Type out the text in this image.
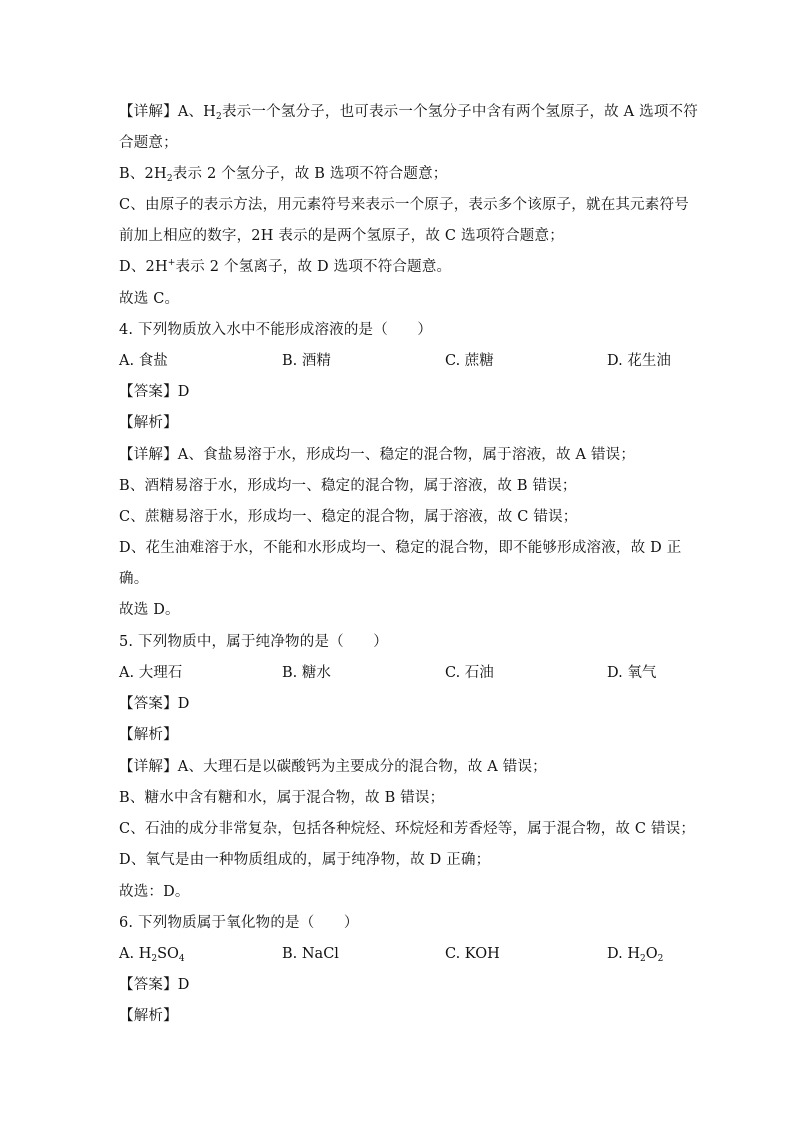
【详解】A、$H_2$表示一个氢分子，也可表示一个氢分子中含有两个氢原子，故 A 选项不符
合题意；
B、$2H_2$表示 2 个氢分子，故 B 选项不符合题意；
C、由原子的表示方法，用元素符号来表示一个原子，表示多个该原子，就在其元素符号
前加上相应的数字，2H 表示的是两个氢原子，故 C 选项符合题意；
D、2H+表示 2 个氢离子，故 D 选项不符合题意。
故选 C。
4. 下列物质放入水中不能形成溶液的是（　　）
A. 食盐	B. 酒精	C. 蔗糖	D. 花生油
【答案】D
【解析】
【详解】A、食盐易溶于水，形成均一、稳定的混合物，属于溶液，故 A 错误；
B、酒精易溶于水，形成均一、稳定的混合物，属于溶液，故 B 错误；
C、蔗糖易溶于水，形成均一、稳定的混合物，属于溶液，故 C 错误；
D、花生油难溶于水，不能和水形成均一、稳定的混合物，即不能够形成溶液，故 D 正
确。
故选 D。
5. 下列物质中，属于纯净物的是（　　）
A. 大理石	B. 糖水	C. 石油	D. 氧气
【答案】D
【解析】
【详解】A、大理石是以碳酸钙为主要成分的混合物，故 A 错误；
B、糖水中含有糖和水，属于混合物，故 B 错误；
C、石油的成分非常复杂，包括各种烷烃、环烷烃和芳香烃等，属于混合物，故 C 错误；
D、氧气是由一种物质组成的，属于纯净物，故 D 正确；
故选：D。
6. 下列物质属于氧化物的是（　　）
A. $H_2SO_4$	B. NaCl	C. KOH	D. $H_2O_2$
【答案】D
【解析】
